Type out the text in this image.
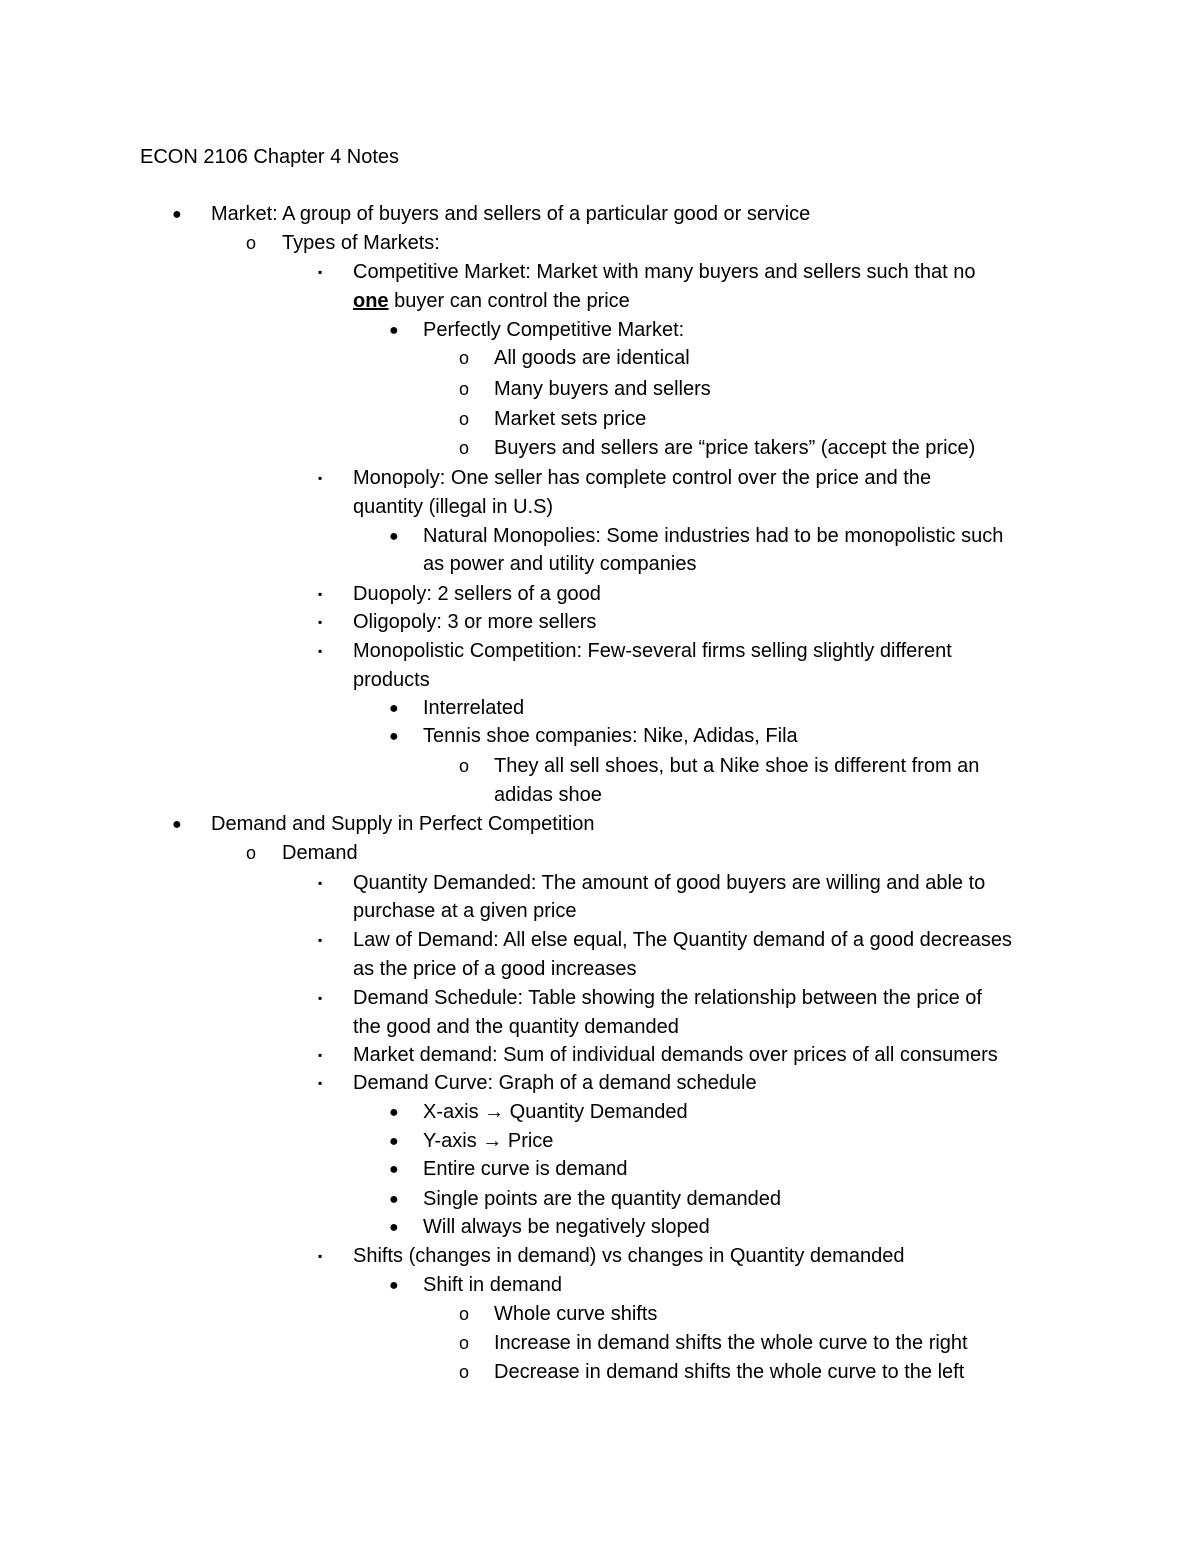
ECON 2106 Chapter 4 Notes
● Market: A group of buyers and sellers of a particular good or service
o Types of Markets:
▪ Competitive Market: Market with many buyers and sellers such that no
one buyer can control the price
● Perfectly Competitive Market:
o All goods are identical
o Many buyers and sellers
o Market sets price
o Buyers and sellers are “price takers” (accept the price)
▪ Monopoly: One seller has complete control over the price and the
quantity (illegal in U.S)
● Natural Monopolies: Some industries had to be monopolistic such
as power and utility companies
▪ Duopoly: 2 sellers of a good
▪ Oligopoly: 3 or more sellers
▪ Monopolistic Competition: Few-several firms selling slightly different
products
● Interrelated
● Tennis shoe companies: Nike, Adidas, Fila
o They all sell shoes, but a Nike shoe is different from an
adidas shoe
● Demand and Supply in Perfect Competition
o Demand
▪ Quantity Demanded: The amount of good buyers are willing and able to
purchase at a given price
▪ Law of Demand: All else equal, The Quantity demand of a good decreases
as the price of a good increases
▪ Demand Schedule: Table showing the relationship between the price of
the good and the quantity demanded
▪ Market demand: Sum of individual demands over prices of all consumers
▪ Demand Curve: Graph of a demand schedule
● X-axis → Quantity Demanded
● Y-axis → Price
● Entire curve is demand
● Single points are the quantity demanded
● Will always be negatively sloped
▪ Shifts (changes in demand) vs changes in Quantity demanded
● Shift in demand
o Whole curve shifts
o Increase in demand shifts the whole curve to the right
o Decrease in demand shifts the whole curve to the left
